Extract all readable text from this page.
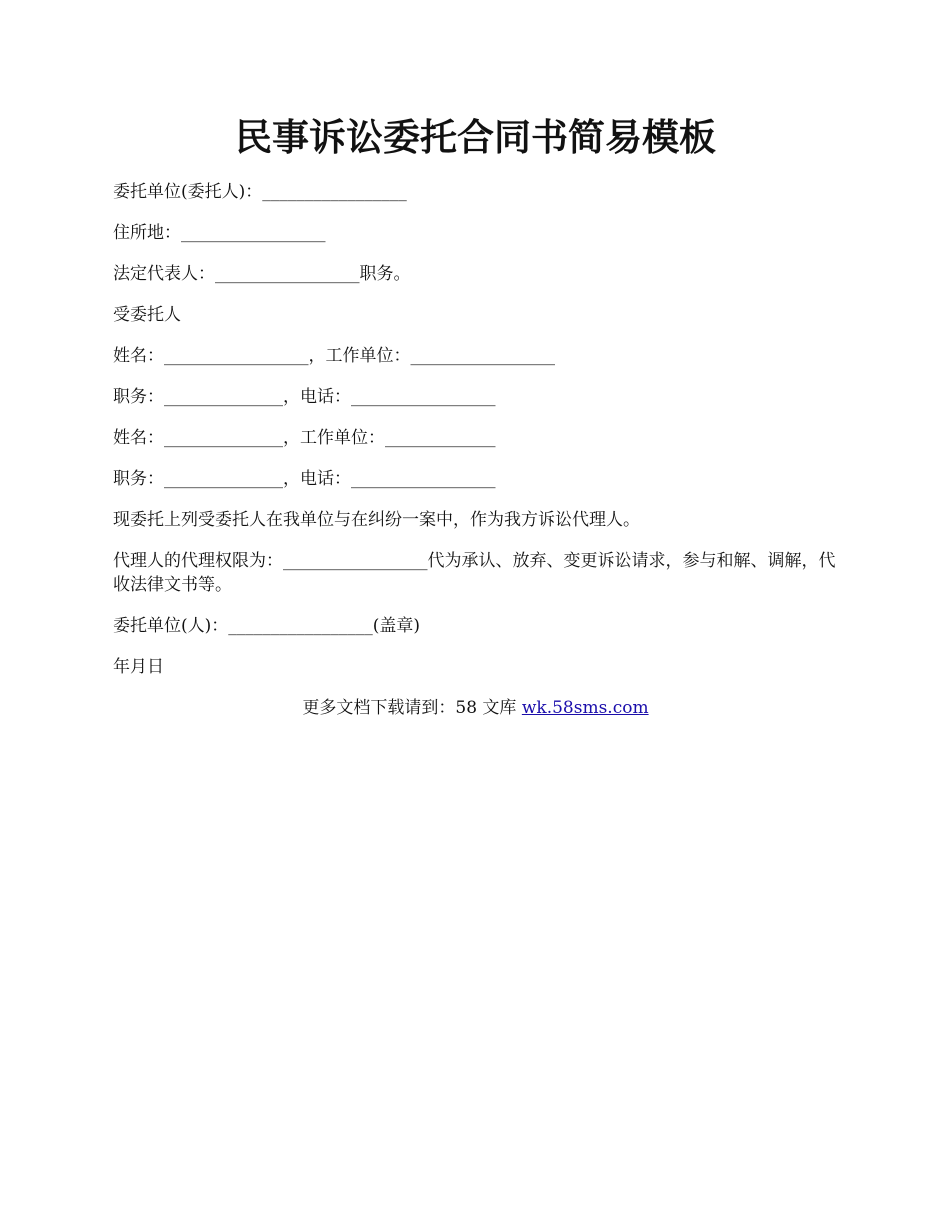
民事诉讼委托合同书简易模板
委托单位(委托人)：_________________
住所地：_________________
法定代表人：_________________职务。
受委托人
姓名：_________________，工作单位：_________________
职务：______________，电话：_________________
姓名：______________，工作单位：_____________
职务：______________，电话：_________________
现委托上列受委托人在我单位与在纠纷一案中，作为我方诉讼代理人。
代理人的代理权限为：_________________代为承认、放弃、变更诉讼请求，参与和解、调解，代收法律文书等。
委托单位(人)：_________________(盖章)
年月日
更多文档下载请到：58 文库 wk.58sms.com
